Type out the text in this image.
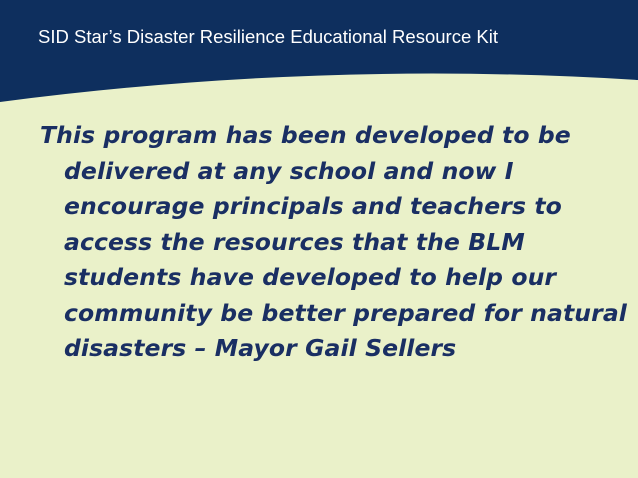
SID Star’s Disaster Resilience Educational Resource Kit

This program has been developed to be delivered at any school and now I encourage principals and teachers to access the resources that the BLM students have developed to help our community be better prepared for natural disasters – Mayor Gail Sellers
